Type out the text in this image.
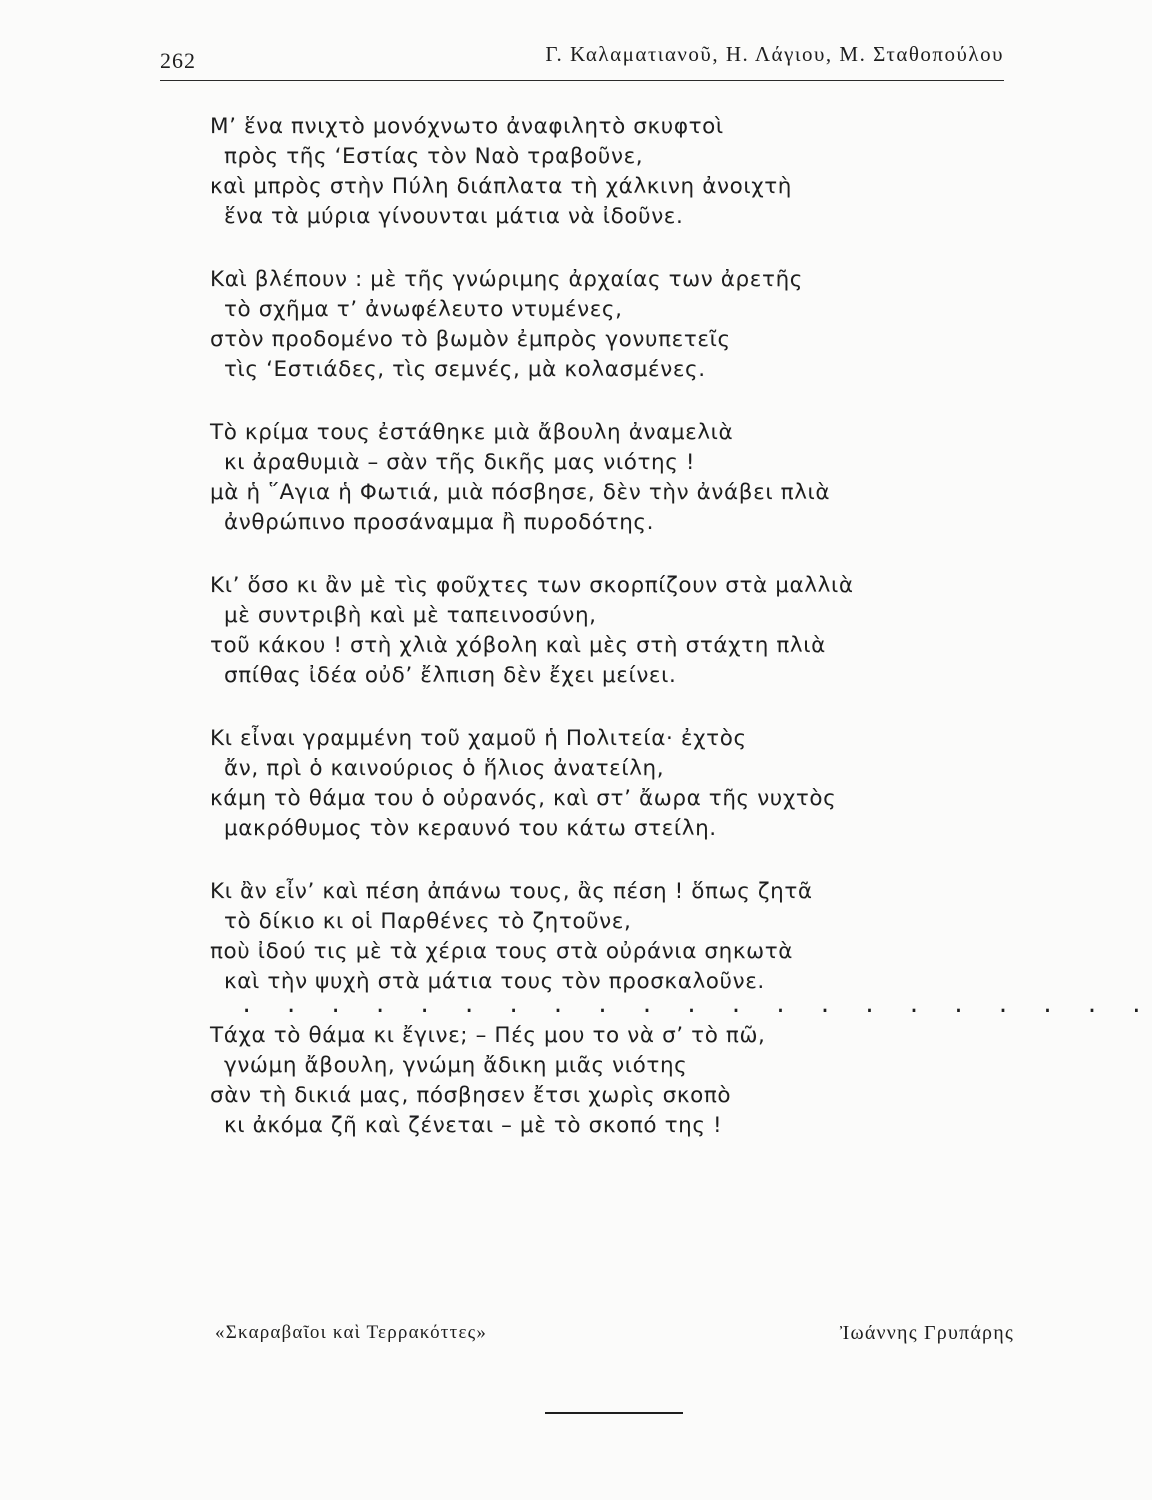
262	Γ. Καλαματιανοῦ, Η. Λάγιου, Μ. Σταθοπούλου
Μ’ ἕνα πνιχτὸ μονόχνωτο ἀναφιλητὸ σκυφτοὶ
πρὸς τῆς ‘Εστίας τὸν Ναὸ τραβοῦνε,
καὶ μπρὸς στὴν Πύλη διάπλατα τὴ χάλκινη ἀνοιχτὴ
ἕνα τὰ μύρια γίνουνται μάτια νὰ ἰδοῦνε.
Καὶ βλέπουν : μὲ τῆς γνώριμης ἀρχαίας των ἀρετῆς
τὸ σχῆμα τ’ ἀνωφέλευτο ντυμένες,
στὸν προδομένο τὸ βωμὸν ἐμπρὸς γονυπετεῖς
τὶς ‘Εστιάδες, τὶς σεμνές, μὰ κολασμένες.
Τὸ κρίμα τους ἐστάθηκε μιὰ ἄβουλη ἀναμελιὰ
κι ἀραθυμιὰ – σὰν τῆς δικῆς μας νιότης !
μὰ ἡ ῞Αγια ἡ Φωτιά, μιὰ πόσβησε, δὲν τὴν ἀνάβει πλιὰ
ἀνθρώπινο προσάναμμα ἢ πυροδότης.
Κι’ ὅσο κι ἂν μὲ τὶς φοῦχτες των σκορπίζουν στὰ μαλλιὰ
μὲ συντριβὴ καὶ μὲ ταπεινοσύνη,
τοῦ κάκου ! στὴ χλιὰ χόβολη καὶ μὲς στὴ στάχτη πλιὰ
σπίθας ἰδέα οὐδ’ ἔλπιση δὲν ἔχει μείνει.
Κι εἶναι γραμμένη τοῦ χαμοῦ ἡ Πολιτεία· ἐχτὸς
ἄν, πρὶ ὁ καινούριος ὁ ἥλιος ἀνατείλη,
κάμη τὸ θάμα του ὁ οὐρανός, καὶ στ’ ἄωρα τῆς νυχτὸς
μακρόθυμος τὸν κεραυνό του κάτω στείλη.
Κι ἂν εἶν’ καὶ πέση ἀπάνω τους, ἂς πέση ! ὅπως ζητᾶ
τὸ δίκιο κι οἱ Παρθένες τὸ ζητοῦνε,
ποὺ ἰδού τις μὲ τὰ χέρια τους στὰ οὐράνια σηκωτὰ
καὶ τὴν ψυχὴ στὰ μάτια τους τὸν προσκαλοῦνε.
. . . . . . . . . . . . . . . . . . . . .
Τάχα τὸ θάμα κι ἔγινε; – Πές μου το νὰ σ’ τὸ πῶ,
γνώμη ἄβουλη, γνώμη ἄδικη μιᾶς νιότης
σὰν τὴ δικιά μας, πόσβησεν ἔτσι χωρὶς σκοπὸ
κι ἀκόμα ζῆ καὶ ζένεται – μὲ τὸ σκοπό της !
«Σκαραβαῖοι καὶ Τερρακόττες»	Ἰωάννης Γρυπάρης
